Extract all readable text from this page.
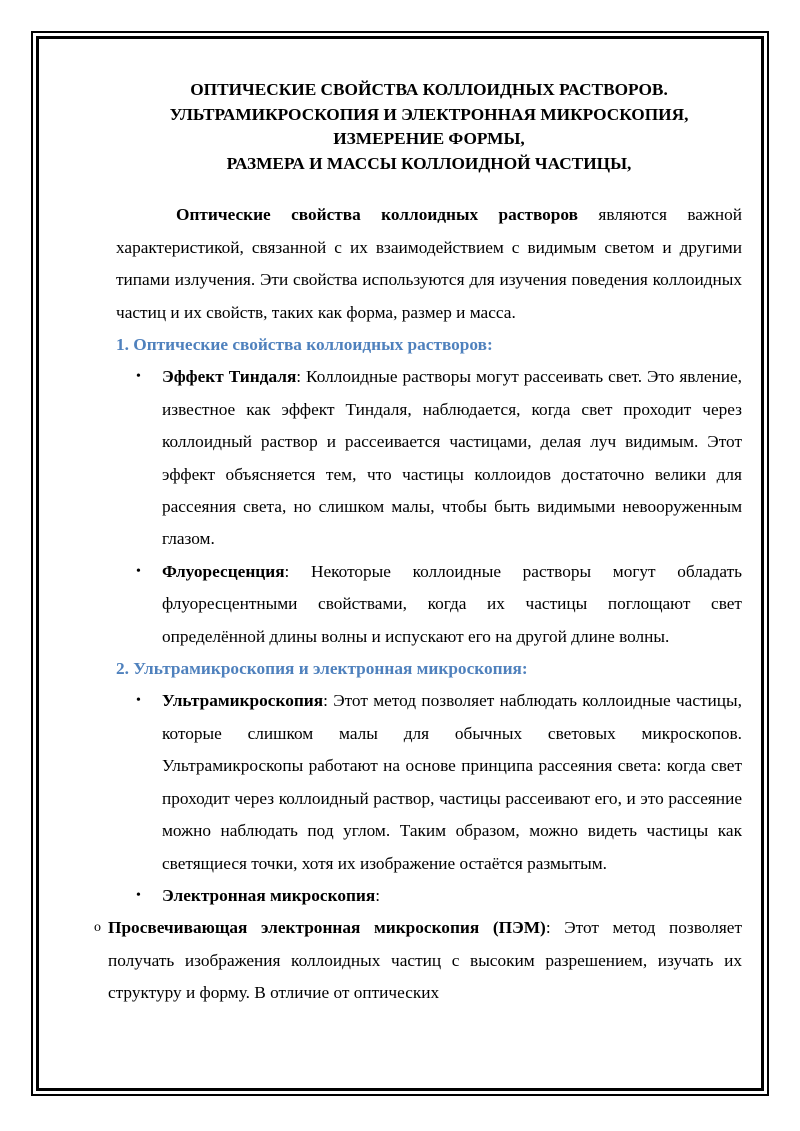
ОПТИЧЕСКИЕ СВОЙСТВА КОЛЛОИДНЫХ РАСТВОРОВ.
УЛЬТРАМИКРОСКОПИЯ И ЭЛЕКТРОННАЯ МИКРОСКОПИЯ,
ИЗМЕРЕНИЕ ФОРМЫ,
РАЗМЕРА И МАССЫ КОЛЛОИДНОЙ ЧАСТИЦЫ,

Оптические свойства коллоидных растворов являются важной характеристикой, связанной с их взаимодействием с видимым светом и другими типами излучения. Эти свойства используются для изучения поведения коллоидных частиц и их свойств, таких как форма, размер и масса.

1. Оптические свойства коллоидных растворов:

• Эффект Тиндаля: Коллоидные растворы могут рассеивать свет. Это явление, известное как эффект Тиндаля, наблюдается, когда свет проходит через коллоидный раствор и рассеивается частицами, делая луч видимым. Этот эффект объясняется тем, что частицы коллоидов достаточно велики для рассеяния света, но слишком малы, чтобы быть видимыми невооруженным глазом.
• Флуоресценция: Некоторые коллоидные растворы могут обладать флуоресцентными свойствами, когда их частицы поглощают свет определённой длины волны и испускают его на другой длине волны.

2. Ультрамикроскопия и электронная микроскопия:

• Ультрамикроскопия: Этот метод позволяет наблюдать коллоидные частицы, которые слишком малы для обычных световых микроскопов. Ультрамикроскопы работают на основе принципа рассеяния света: когда свет проходит через коллоидный раствор, частицы рассеивают его, и это рассеяние можно наблюдать под углом. Таким образом, можно видеть частицы как светящиеся точки, хотя их изображение остаётся размытым.
• Электронная микроскопия:
o Просвечивающая электронная микроскопия (ПЭМ): Этот метод позволяет получать изображения коллоидных частиц с высоким разрешением, изучать их структуру и форму. В отличие от оптических
